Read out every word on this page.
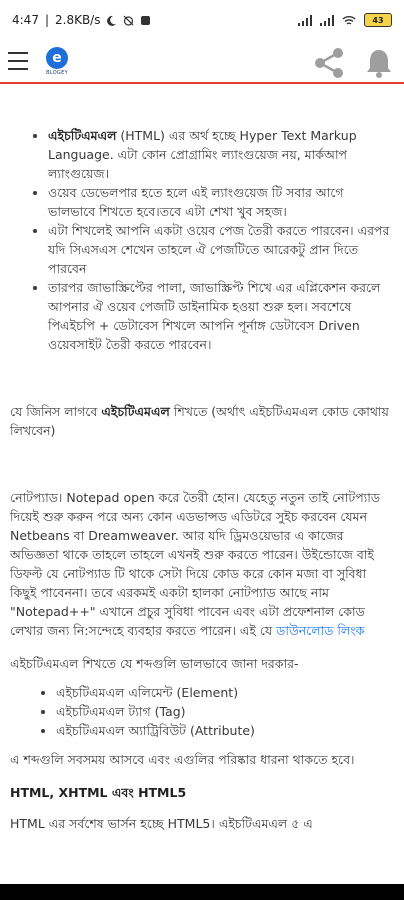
4:47 | 2.8KB/s	43
e
BLOGEY
• এইচটিএমএল (HTML) এর অর্থ হচ্ছে Hyper Text Markup Language. এটা কোন প্রোগ্রামিং ল্যাংগুয়েজ নয়, মার্কআপ ল্যাংগুয়েজ।
• ওয়েব ডেভেলপার হতে হলে এই ল্যাংগুয়েজ টি সবার আগে ভালভাবে শিখতে হবে।তবে এটা শেখা খুব সহজ।
• এটা শিখলেই আপনি একটা ওয়েব পেজ তৈরী করতে পারবেন। এরপর যদি সিএসএস শেখেন তাহলে ঐ পেজটিতে আরেকটু প্রান দিতে পারবেন
• তারপর জাভাস্ক্রিপ্টের পালা, জাভাস্ক্রিপ্ট শিখে এর এপ্লিকেশন করলে আপনার ঐ ওয়েব পেজটি ডাইনামিক হওয়া শুরু হল। সবশেষে পিএইচপি + ডেটাবেস শিখলে আপনি পূর্নাঙ্গ ডেটাবেস Driven ওয়েবসাইট তৈরী করতে পারবেন।

যে জিনিস লাগবে এইচটিএমএল শিখতে (অর্থাৎ এইচটিএমএল কোড কোথায় লিখবেন)

নোটপ্যাড। Notepad open করে তৈরী হোন। যেহেতু নতুন তাই নোটপ্যাড দিয়েই শুরু করুন পরে অন্য কোন এডভান্সড এডিটরে সুইচ করবেন যেমন Netbeans বা Dreamweaver. আর যদি ড্রিমওয়েভার এ কাজের অভিজ্ঞতা থাকে তাহলে তাহলে এখনই শুরু করতে পারেন। উইন্ডোজে বাই ডিফল্ট যে নোটপ্যাড টি থাকে সেটা দিয়ে কোড করে কোন মজা বা সুবিধা কিছুই পাবেননা। তবে এরকমই একটা হালকা নোটপ্যাড আছে নাম "Notepad++" এখানে প্রচুর সুবিধা পাবেন এবং এটা প্রফেশনাল কোড লেখার জন্য নি:সন্দেহে ব্যবহার করতে পারেন। এই যে ডাউনলোড লিংক

এইচটিএমএল শিখতে যে শব্দগুলি ভালভাবে জানা দরকার-

• এইচটিএমএল এলিমেন্ট (Element)
• এইচটিএমএল ট্যাগ (Tag)
• এইচটিএমএল অ্যাট্রিবিউট (Attribute)

এ শব্দগুলি সবসময় আসবে এবং এগুলির পরিষ্কার ধারনা থাকতে হবে।

HTML, XHTML এবং HTML5

HTML এর সর্বশেষ ভার্সন হচ্ছে HTML5। এইচটিএমএল ৫ এ
